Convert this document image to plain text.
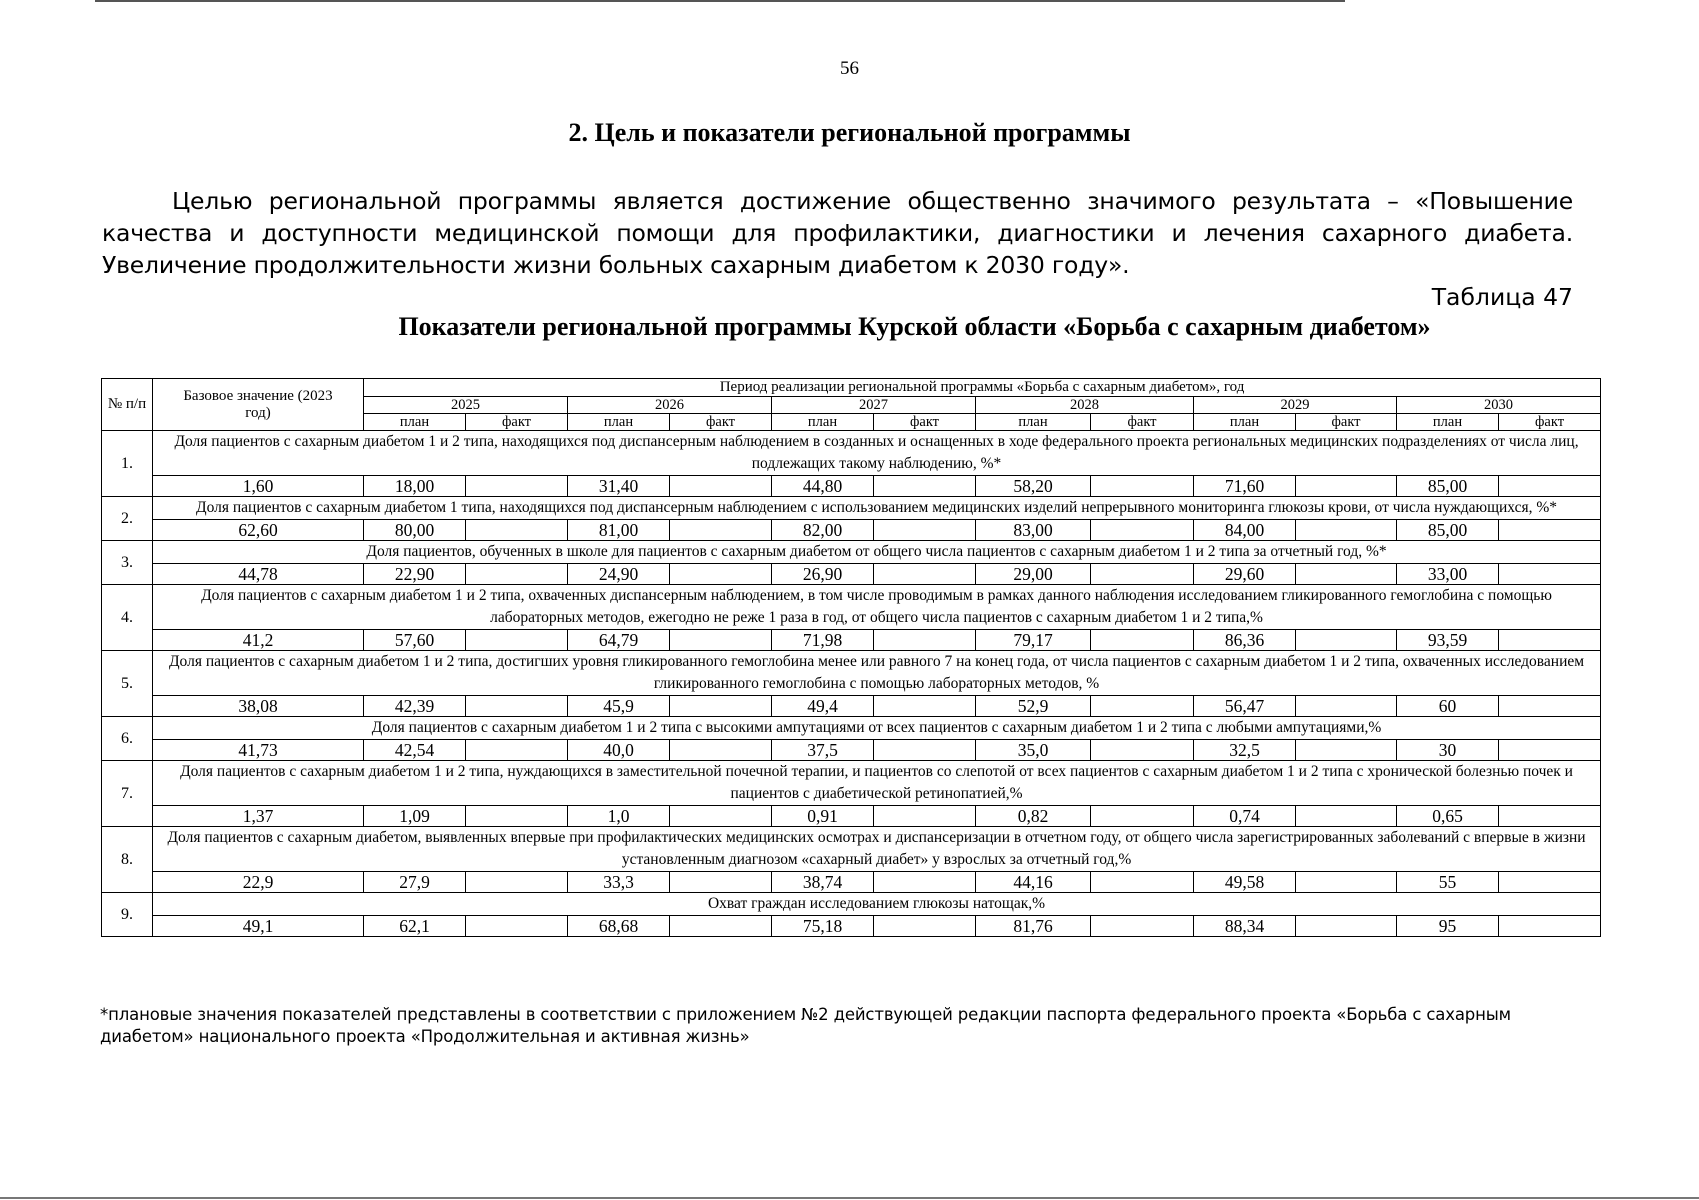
56
2. Цель и показатели региональной программы
Целью региональной программы является достижение общественно значимого результата – «Повышение качества и доступности медицинской помощи для профилактики, диагностики и лечения сахарного диабета. Увеличение продолжительности жизни больных сахарным диабетом к 2030 году».
Таблица 47
Показатели региональной программы Курской области «Борьба с сахарным диабетом»
№ п/п	Базовое значение (2023 год)	Период реализации региональной программы «Борьба с сахарным диабетом», год											
		2025		2026		2027		2028		2029		2030	
		план	факт	план	факт	план	факт	план	факт	план	факт	план	факт
1.	Доля пациентов с сахарным диабетом 1 и 2 типа, находящихся под диспансерным наблюдением в созданных и оснащенных в ходе федерального проекта региональных медицинских подразделениях от числа лиц, подлежащих такому наблюдению, %*												
	1,60	18,00		31,40		44,80		58,20		71,60		85,00	
2.	Доля пациентов с сахарным диабетом 1 типа, находящихся под диспансерным наблюдением с использованием медицинских изделий непрерывного мониторинга глюкозы крови, от числа нуждающихся, %*												
	62,60	80,00		81,00		82,00		83,00		84,00		85,00	
3.	Доля пациентов, обученных в школе для пациентов с сахарным диабетом от общего числа пациентов с сахарным диабетом 1 и 2 типа за отчетный год, %*												
	44,78	22,90		24,90		26,90		29,00		29,60		33,00	
4.	Доля пациентов с сахарным диабетом 1 и 2 типа, охваченных диспансерным наблюдением, в том числе проводимым в рамках данного наблюдения исследованием гликированного гемоглобина с помощью лабораторных методов, ежегодно не реже 1 раза в год, от общего числа пациентов с сахарным диабетом 1 и 2 типа,%												
	41,2	57,60		64,79		71,98		79,17		86,36		93,59	
5.	Доля пациентов с сахарным диабетом 1 и 2 типа, достигших уровня гликированного гемоглобина менее или равного 7 на конец года, от числа пациентов с сахарным диабетом 1 и 2 типа, охваченных исследованием гликированного гемоглобина с помощью лабораторных методов, %												
	38,08	42,39		45,9		49,4		52,9		56,47		60	
6.	Доля пациентов с сахарным диабетом 1 и 2 типа с высокими ампутациями от всех пациентов с сахарным диабетом 1 и 2 типа с любыми ампутациями,%												
	41,73	42,54		40,0		37,5		35,0		32,5		30	
7.	Доля пациентов с сахарным диабетом 1 и 2 типа, нуждающихся в заместительной почечной терапии, и пациентов со слепотой от всех пациентов с сахарным диабетом 1 и 2 типа с хронической болезнью почек и пациентов с диабетической ретинопатией,%												
	1,37	1,09		1,0		0,91		0,82		0,74		0,65	
8.	Доля пациентов с сахарным диабетом, выявленных впервые при профилактических медицинских осмотрах и диспансеризации в отчетном году, от общего числа зарегистрированных заболеваний с впервые в жизни установленным диагнозом «сахарный диабет» у взрослых за отчетный год,%												
	22,9	27,9		33,3		38,74		44,16		49,58		55	
9.	Охват граждан исследованием глюкозы натощак,%												
	49,1	62,1		68,68		75,18		81,76		88,34		95	
*плановые значения показателей представлены в соответствии с приложением №2 действующей редакции паспорта федерального проекта «Борьба с сахарным диабетом» национального проекта «Продолжительная и активная жизнь»
